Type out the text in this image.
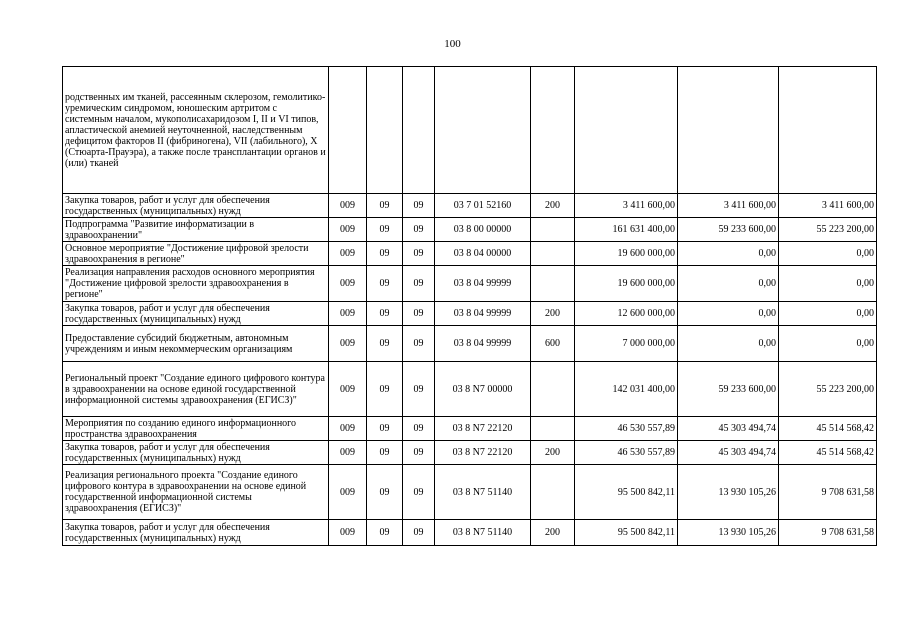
100
родственных им тканей, рассеянным склерозом, гемолитико-уремическим синдромом, юношеским артритом с системным началом, мукополисахаридозом I, II и VI типов, апластической анемией неуточненной, наследственным дефицитом факторов II (фибриногена), VII (лабильного), X (Стюарта-Прауэра), а также после трансплантации органов и (или) тканей								
Закупка товаров, работ и услуг для обеспечения государственных (муниципальных) нужд	009	09	09	03 7 01 52160	200	3 411 600,00	3 411 600,00	3 411 600,00
Подпрограмма "Развитие информатизации в здравоохранении"	009	09	09	03 8 00 00000		161 631 400,00	59 233 600,00	55 223 200,00
Основное мероприятие "Достижение цифровой зрелости здравоохранения в регионе"	009	09	09	03 8 04 00000		19 600 000,00	0,00	0,00
Реализация направления расходов основного мероприятия "Достижение цифровой зрелости здравоохранения в регионе"	009	09	09	03 8 04 99999		19 600 000,00	0,00	0,00
Закупка товаров, работ и услуг для обеспечения государственных (муниципальных) нужд	009	09	09	03 8 04 99999	200	12 600 000,00	0,00	0,00
Предоставление субсидий бюджетным, автономным учреждениям и иным некоммерческим организациям	009	09	09	03 8 04 99999	600	7 000 000,00	0,00	0,00
Региональный проект "Создание единого цифрового контура в здравоохранении на основе единой государственной информационной системы здравоохранения (ЕГИСЗ)"	009	09	09	03 8 N7 00000		142 031 400,00	59 233 600,00	55 223 200,00
Мероприятия по созданию единого информационного пространства здравоохранения	009	09	09	03 8 N7 22120		46 530 557,89	45 303 494,74	45 514 568,42
Закупка товаров, работ и услуг для обеспечения государственных (муниципальных) нужд	009	09	09	03 8 N7 22120	200	46 530 557,89	45 303 494,74	45 514 568,42
Реализация регионального проекта "Создание единого цифрового контура в здравоохранении на основе единой государственной информационной системы здравоохранения (ЕГИСЗ)"	009	09	09	03 8 N7 51140		95 500 842,11	13 930 105,26	9 708 631,58
Закупка товаров, работ и услуг для обеспечения государственных (муниципальных) нужд	009	09	09	03 8 N7 51140	200	95 500 842,11	13 930 105,26	9 708 631,58
